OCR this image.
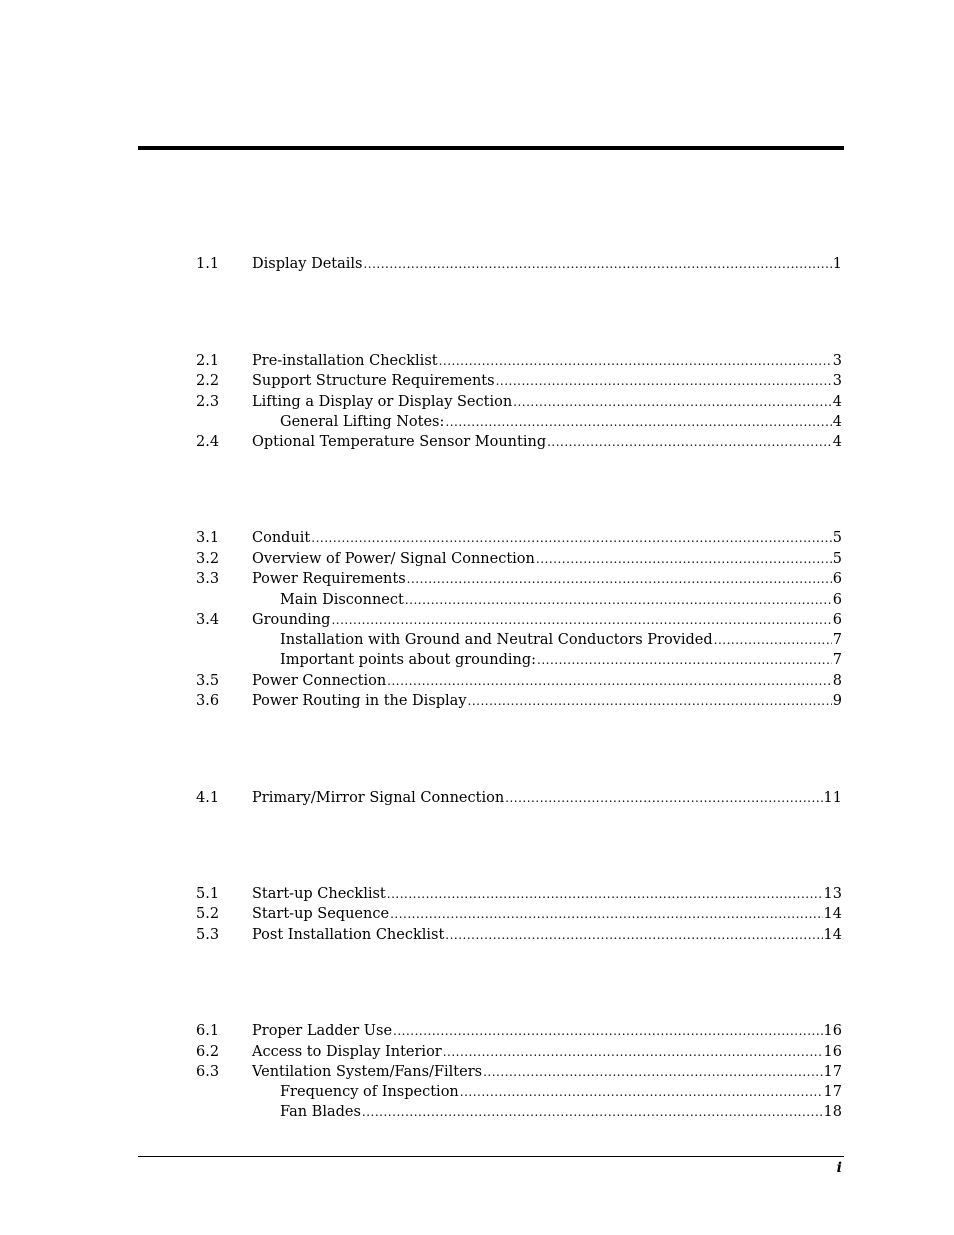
1.1	Display Details .....	1
2.1	Pre-installation Checklist .....	3
2.2	Support Structure Requirements .....	3
2.3	Lifting a Display or Display Section .....	4
General Lifting Notes: .....	4
2.4	Optional Temperature Sensor Mounting .....	4
3.1	Conduit .....	5
3.2	Overview of Power/ Signal Connection .....	5
3.3	Power Requirements .....	6
Main Disconnect .....	6
3.4	Grounding .....	6
Installation with Ground and Neutral Conductors Provided .....	7
Important points about grounding: .....	7
3.5	Power Connection .....	8
3.6	Power Routing in the Display .....	9
4.1	Primary/Mirror Signal Connection .....	11
5.1	Start-up Checklist .....	13
5.2	Start-up Sequence .....	14
5.3	Post Installation Checklist .....	14
6.1	Proper Ladder Use .....	16
6.2	Access to Display Interior .....	16
6.3	Ventilation System/Fans/Filters .....	17
Frequency of Inspection .....	17
Fan Blades .....	18
i
